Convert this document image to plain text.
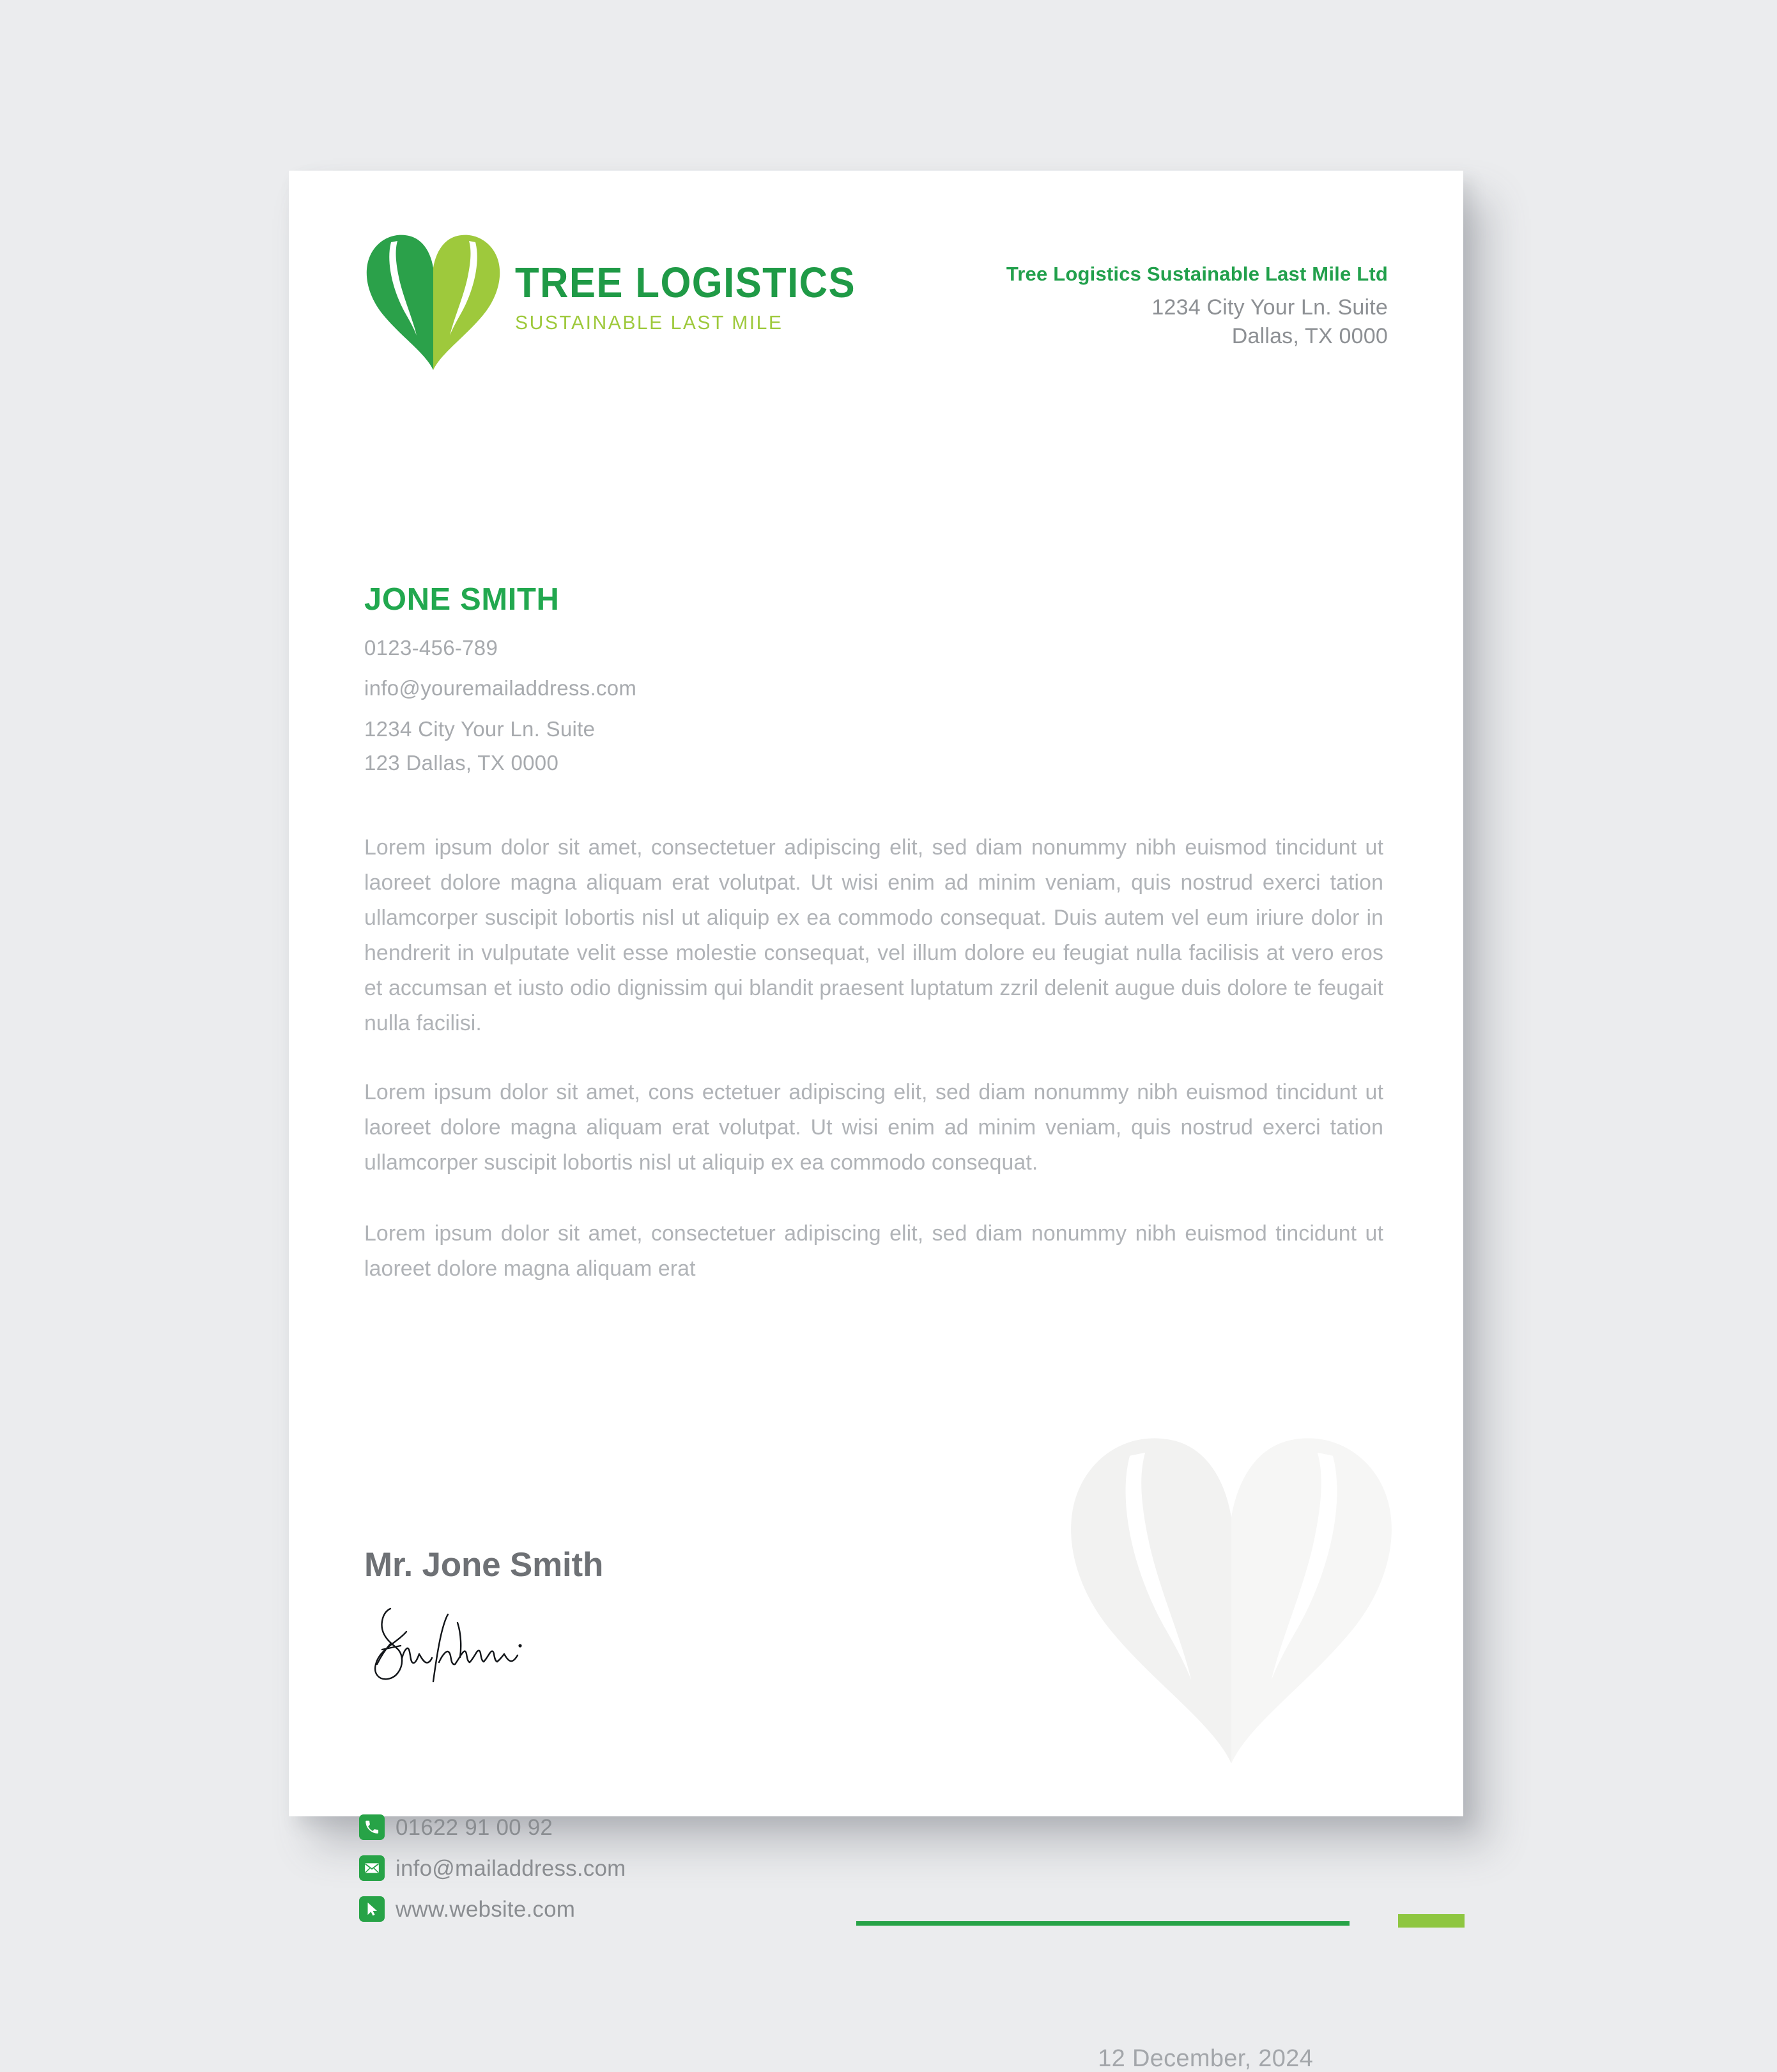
TREE LOGISTICS
SUSTAINABLE LAST MILE
Tree Logistics Sustainable Last Mile Ltd
1234 City Your Ln. Suite
Dallas, TX 0000
JONE SMITH
0123-456-789
info@youremailaddress.com
1234 City Your Ln. Suite
123 Dallas, TX 0000
12 December, 2024

Lorem ipsum dolor sit amet, consectetuer adipiscing elit, sed diam nonummy nibh euismod tincidunt ut laoreet dolore magna aliquam erat volutpat. Ut wisi enim ad minim veniam, quis nostrud exerci tation ullamcorper suscipit lobortis nisl ut aliquip ex ea commodo consequat. Duis autem vel eum iriure dolor in hendrerit in vulputate velit esse molestie consequat, vel illum dolore eu feugiat nulla facilisis at vero eros et accumsan et iusto odio dignissim qui blandit praesent luptatum zzril delenit augue duis dolore te feugait nulla facilisi.

Lorem ipsum dolor sit amet, cons ectetuer adipiscing elit, sed diam nonummy nibh euismod tincidunt ut laoreet dolore magna aliquam erat volutpat. Ut wisi enim ad minim veniam, quis nostrud exerci tation ullamcorper suscipit lobortis nisl ut aliquip ex ea commodo consequat.

Lorem ipsum dolor sit amet, consectetuer adipiscing elit, sed diam nonummy nibh euismod tincidunt ut laoreet dolore magna aliquam erat

Mr. Jone Smith
01622 91 00 92
info@mailaddress.com
www.website.com
